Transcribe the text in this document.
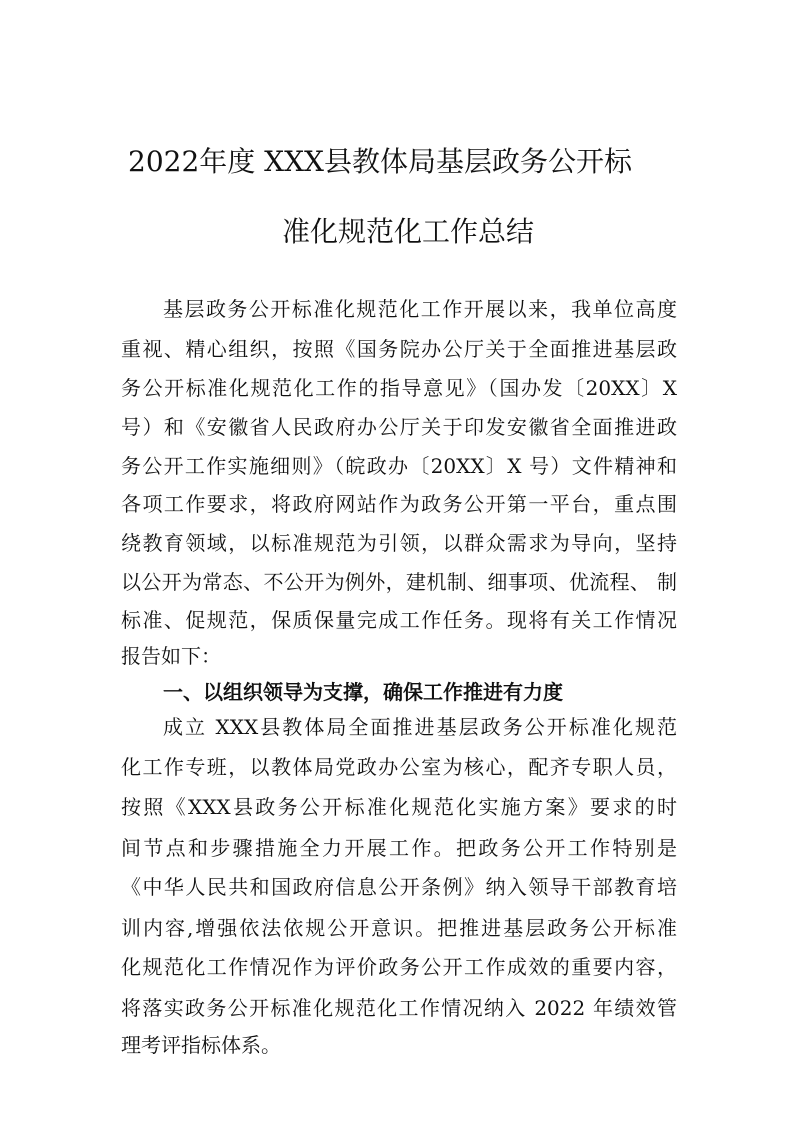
2022年度 XXX县教体局基层政务公开标
准化规范化工作总结
基层政务公开标准化规范化工作开展以来，我单位高度
重视、精心组织，按照《国务院办公厅关于全面推进基层政
务公开标准化规范化工作的指导意见》（国办发〔20XX〕X
号）和《安徽省人民政府办公厅关于印发安徽省全面推进政
务公开工作实施细则》（皖政办〔20XX〕X 号）文件精神和
各项工作要求，将政府网站作为政务公开第一平台，重点围
绕教育领域，以标准规范为引领，以群众需求为导向，坚持
以公开为常态、不公开为例外，建机制、细事项、优流程、 制
标准、促规范，保质保量完成工作任务。现将有关工作情况
报告如下：
一、以组织领导为支撑，确保工作推进有力度
成立 XXX县教体局全面推进基层政务公开标准化规范
化工作专班，以教体局党政办公室为核心，配齐专职人员，
按照《XXX县政务公开标准化规范化实施方案》要求的时
间节点和步骤措施全力开展工作。把政务公开工作特别是
《中华人民共和国政府信息公开条例》纳入领导干部教育培
训内容,增强依法依规公开意识。把推进基层政务公开标准
化规范化工作情况作为评价政务公开工作成效的重要内容，
将落实政务公开标准化规范化工作情况纳入 2022 年绩效管
理考评指标体系。
